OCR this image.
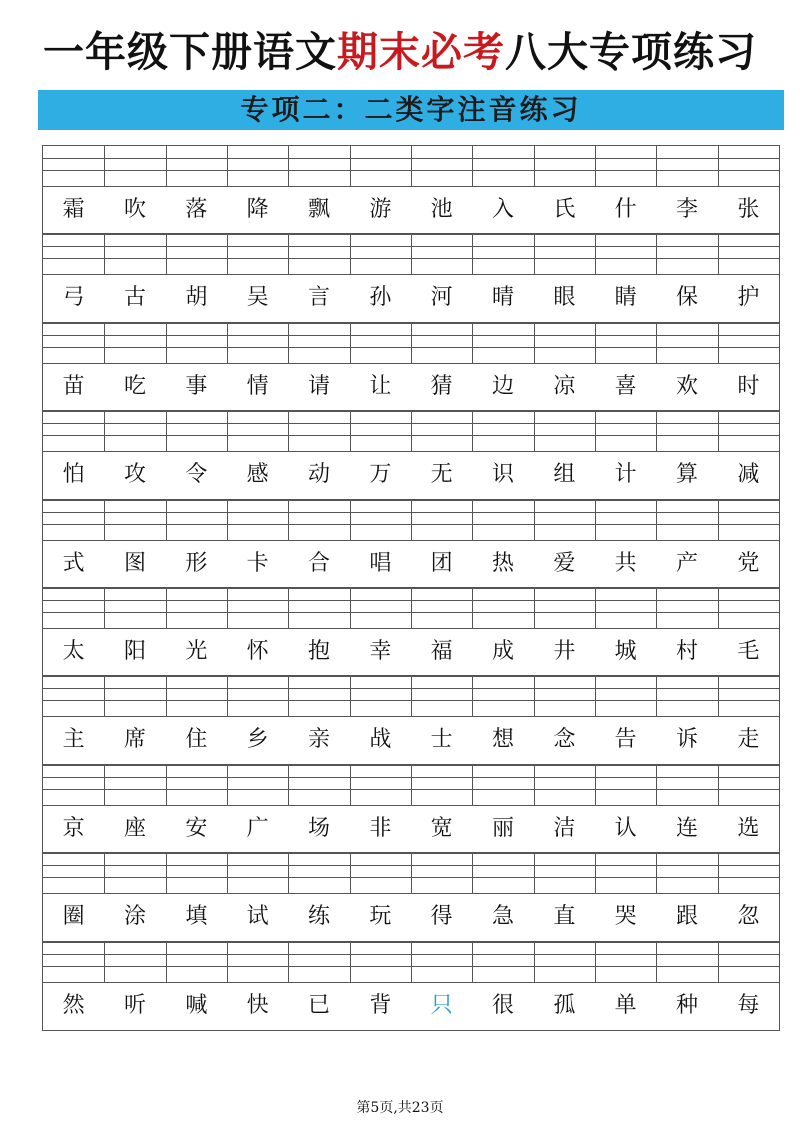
一年级下册语文期末必考八大专项练习
专项二：二类字注音练习
霜	吹	落	降	飘	游	池	入	氏	什	李	张
弓	古	胡	吴	言	孙	河	晴	眼	睛	保	护
苗	吃	事	情	请	让	猜	边	凉	喜	欢	时
怕	攻	令	感	动	万	无	识	组	计	算	减
式	图	形	卡	合	唱	团	热	爱	共	产	党
太	阳	光	怀	抱	幸	福	成	井	城	村	毛
主	席	住	乡	亲	战	士	想	念	告	诉	走
京	座	安	广	场	非	宽	丽	洁	认	连	选
圈	涂	填	试	练	玩	得	急	直	哭	跟	忽
然	听	喊	快	已	背	只	很	孤	单	种	每
第5页,共23页
